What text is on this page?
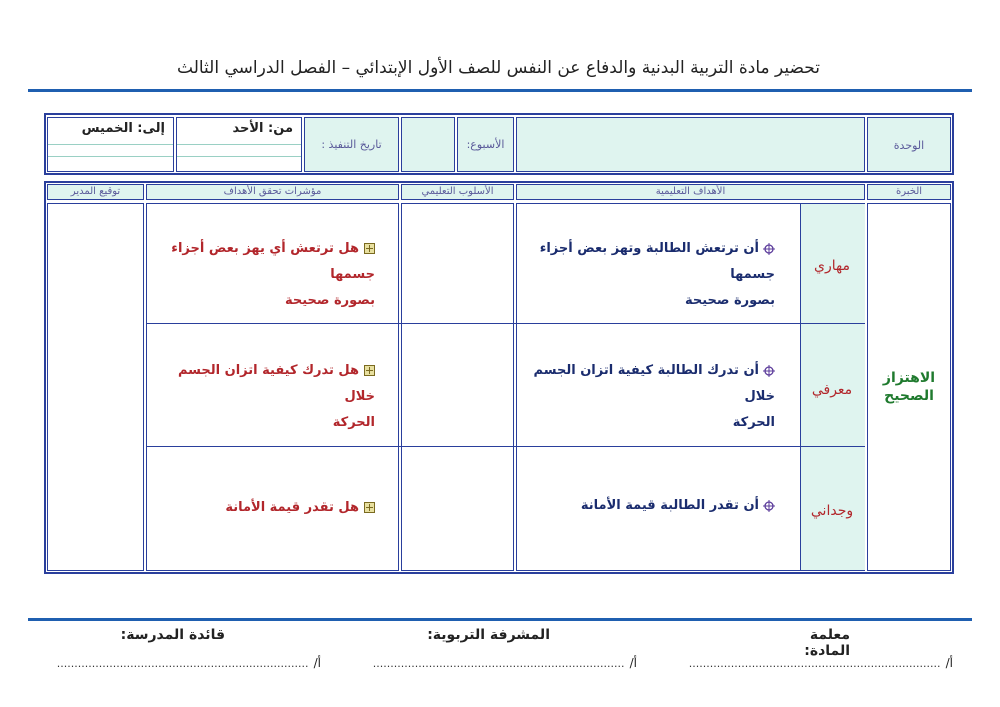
تحضير مادة التربية البدنية والدفاع عن النفس للصف الأول الإبتدائي – الفصل الدراسي الثالث
الوحدة
الأسبوع:
تاريخ التنفيذ :
من: الأحد
إلى: الخميس
الخبرة
الأهداف التعليمية
الأسلوب التعليمي
مؤشرات تحقق الأهداف
توقيع المدير
الاهتزاز الصحيح
مهاري
أن ترتعش الطالبة وتهز بعض أجزاء جسمها
بصورة صحيحة
هل ترتعش أي يهز بعض أجزاء جسمها
بصورة صحيحة
معرفي
أن تدرك الطالبة كيفية اتزان الجسم خلال
الحركة
هل تدرك كيفية اتزان الجسم خلال
الحركة
وجداني
أن تقدر الطالبة قيمة الأمانة
هل تقدر قيمة الأمانة
معلمة المادة:
المشرفة التربوية:
قائدة المدرسة:
أ/ ........................................................................
أ/ ........................................................................
أ/ ........................................................................
